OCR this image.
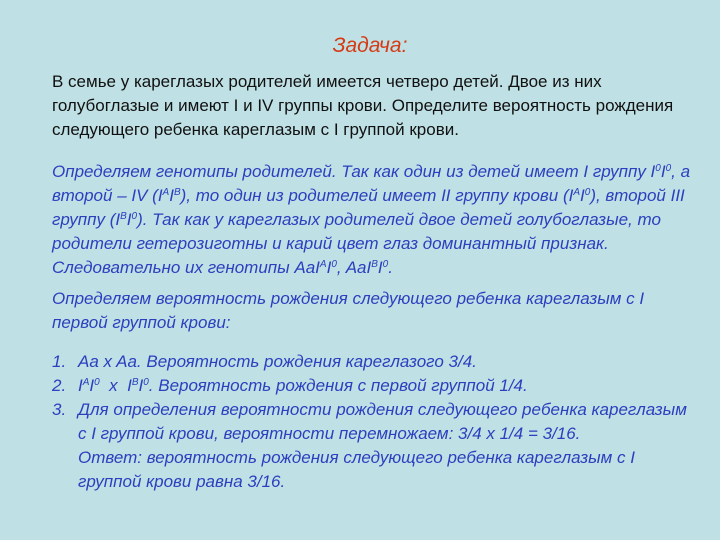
Задача:
В семье у кареглазых родителей имеется четверо детей. Двое из них голубоглазые и имеют I и IV группы крови. Определите вероятность рождения следующего ребенка кареглазым с I группой крови.
Определяем генотипы родителей. Так как один из детей имеет I группу $I^0I^0$, а второй – IV $(I^AI^B)$, то один из родителей имеет II группу крови $(I^AI^0)$, второй III группу $(I^BI^0)$. Так как у кареглазых родителей двое детей голубоглазые, то родители гетерозиготны и карий цвет глаз доминантный признак. Следовательно их генотипы $AaI^AI^0$, $AaI^BI^0$.
Определяем вероятность рождения следующего ребенка кареглазым с I первой группой крови:
1. Aa x Aa. Вероятность рождения кареглазого 3/4.
2. $I^AI^0$  x  $I^BI^0$. Вероятность рождения с первой группой 1/4.
3. Для определения вероятности рождения следующего ребенка кареглазым с I группой крови, вероятности перемножаем: 3/4 x 1/4 = 3/16.
Ответ: вероятность рождения следующего ребенка кареглазым с I группой крови равна 3/16.
